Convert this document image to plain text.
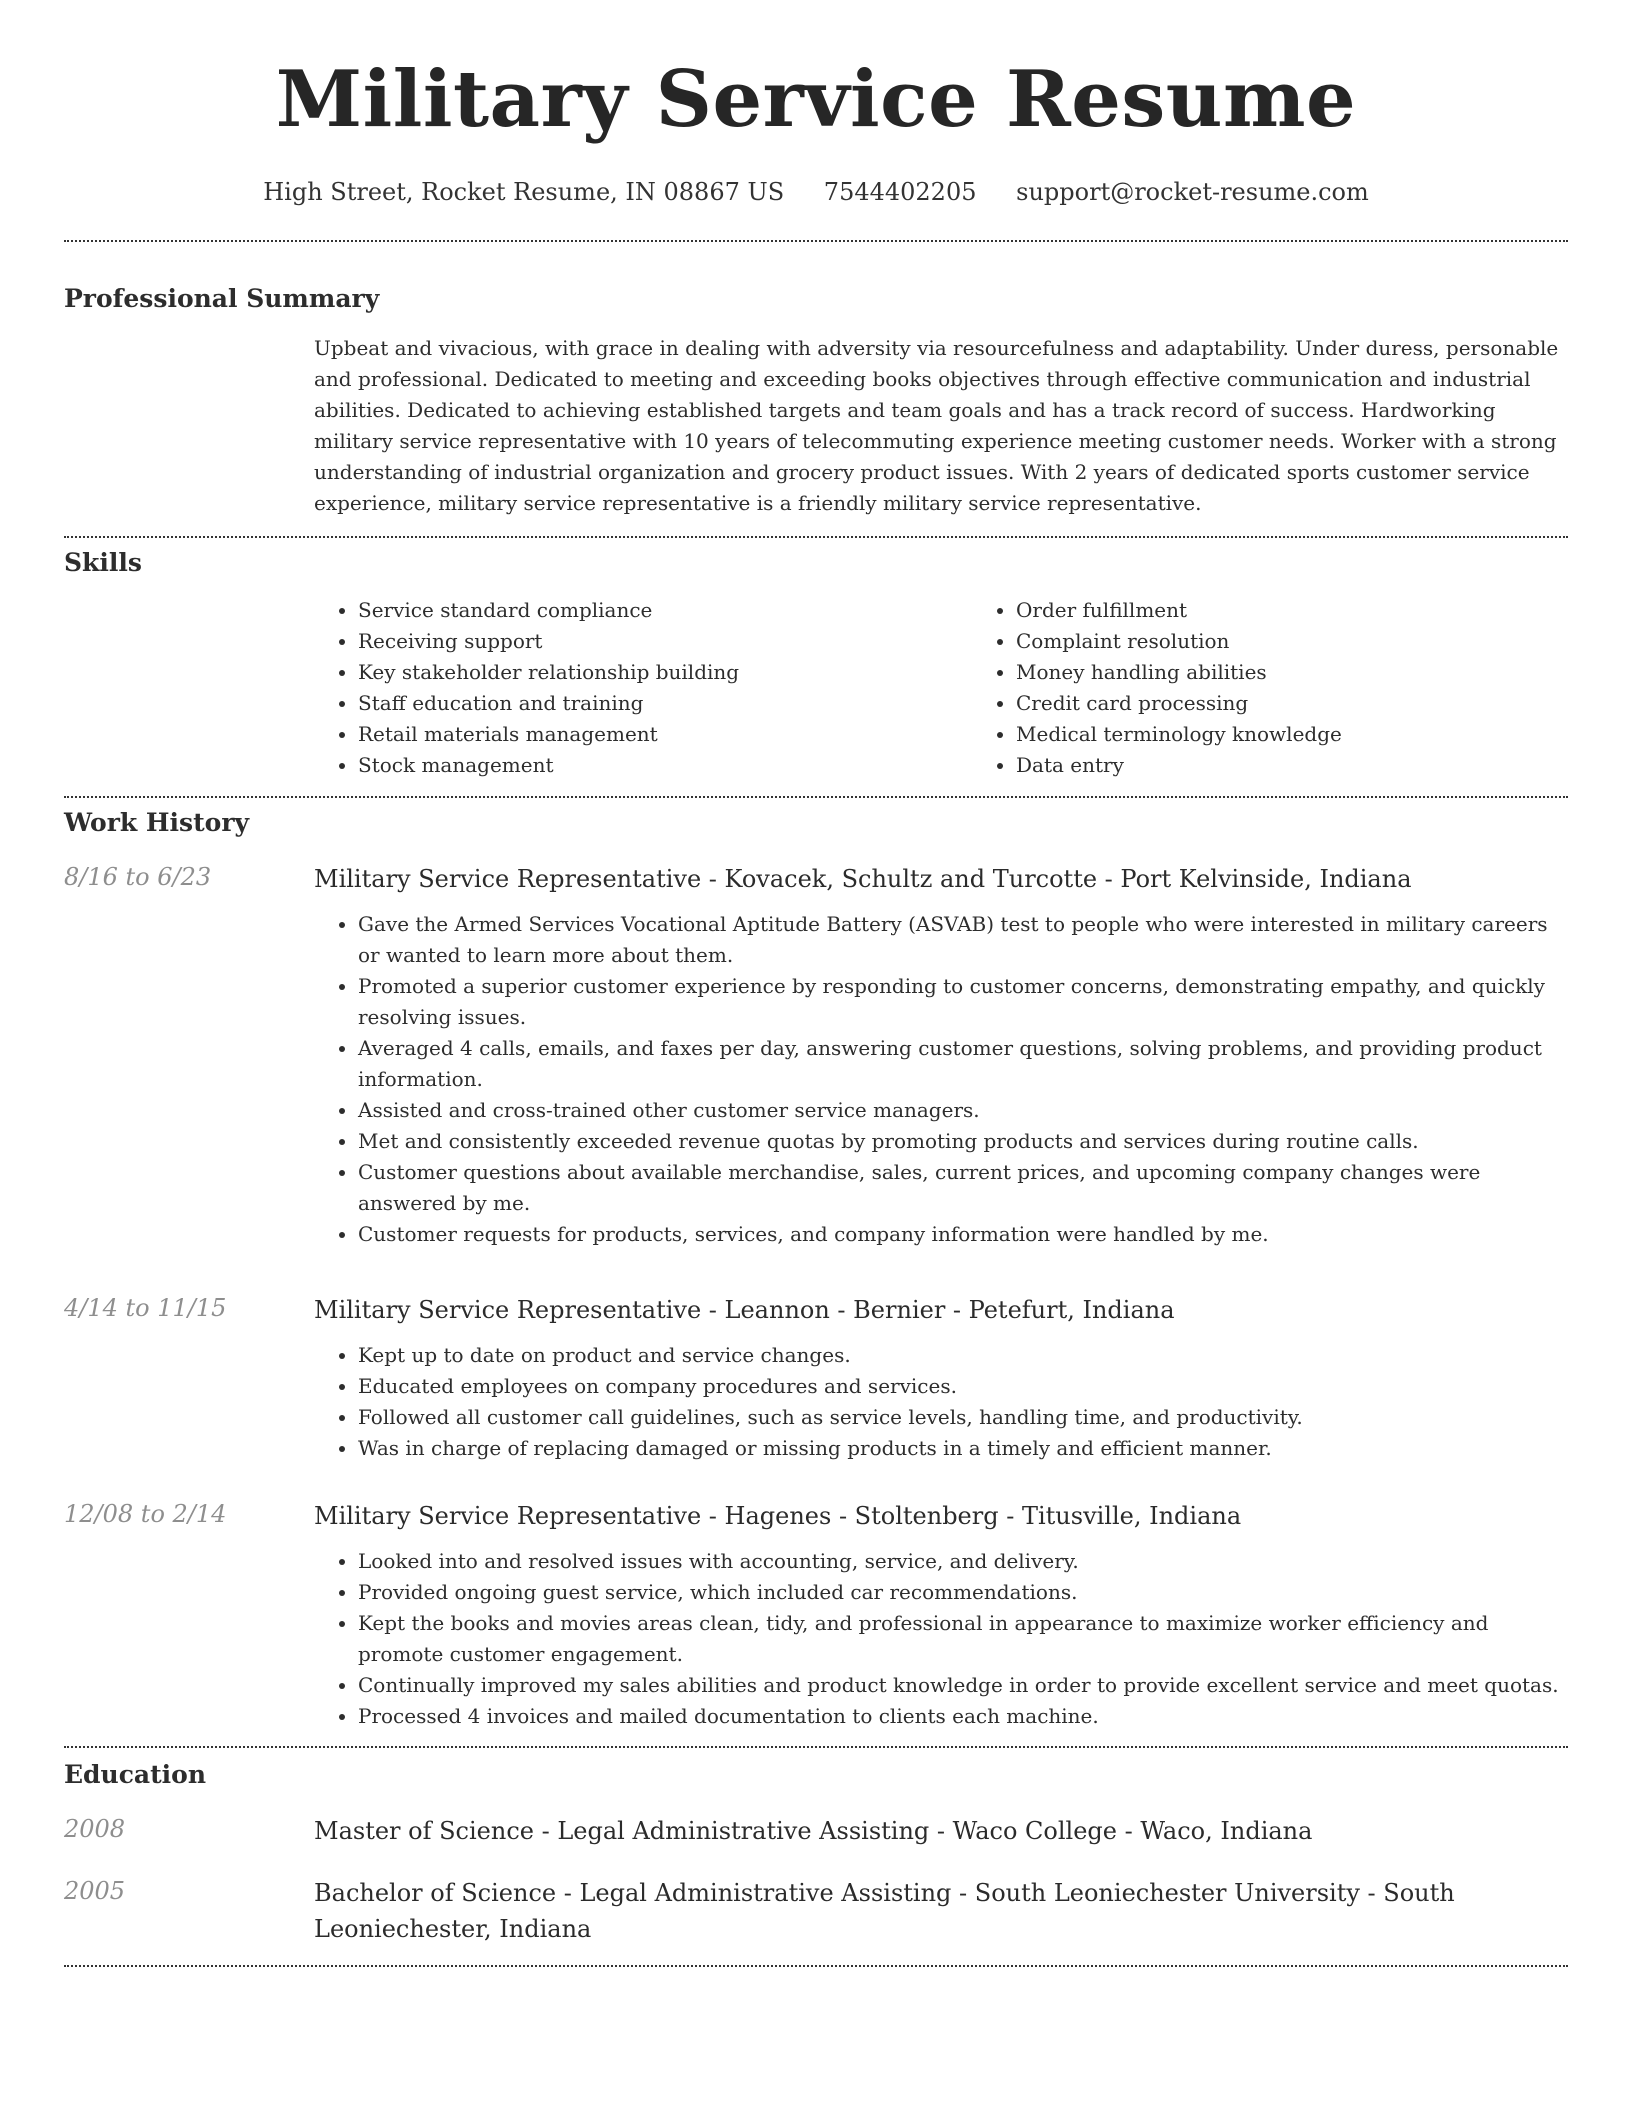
Military Service Resume
High Street, Rocket Resume, IN 08867 US 7544402205 support@rocket-resume.com
Professional Summary
Upbeat and vivacious, with grace in dealing with adversity via resourcefulness and adaptability. Under duress, personable and professional. Dedicated to meeting and exceeding books objectives through effective communication and industrial abilities. Dedicated to achieving established targets and team goals and has a track record of success. Hardworking military service representative with 10 years of telecommuting experience meeting customer needs. Worker with a strong understanding of industrial organization and grocery product issues. With 2 years of dedicated sports customer service experience, military service representative is a friendly military service representative.
Skills
• Service standard compliance
• Receiving support
• Key stakeholder relationship building
• Staff education and training
• Retail materials management
• Stock management
• Order fulfillment
• Complaint resolution
• Money handling abilities
• Credit card processing
• Medical terminology knowledge
• Data entry
Work History
8/16 to 6/23	Military Service Representative - Kovacek, Schultz and Turcotte - Port Kelvinside, Indiana
• Gave the Armed Services Vocational Aptitude Battery (ASVAB) test to people who were interested in military careers or wanted to learn more about them.
• Promoted a superior customer experience by responding to customer concerns, demonstrating empathy, and quickly resolving issues.
• Averaged 4 calls, emails, and faxes per day, answering customer questions, solving problems, and providing product information.
• Assisted and cross-trained other customer service managers.
• Met and consistently exceeded revenue quotas by promoting products and services during routine calls.
• Customer questions about available merchandise, sales, current prices, and upcoming company changes were answered by me.
• Customer requests for products, services, and company information were handled by me.
4/14 to 11/15	Military Service Representative - Leannon - Bernier - Petefurt, Indiana
• Kept up to date on product and service changes.
• Educated employees on company procedures and services.
• Followed all customer call guidelines, such as service levels, handling time, and productivity.
• Was in charge of replacing damaged or missing products in a timely and efficient manner.
12/08 to 2/14	Military Service Representative - Hagenes - Stoltenberg - Titusville, Indiana
• Looked into and resolved issues with accounting, service, and delivery.
• Provided ongoing guest service, which included car recommendations.
• Kept the books and movies areas clean, tidy, and professional in appearance to maximize worker efficiency and promote customer engagement.
• Continually improved my sales abilities and product knowledge in order to provide excellent service and meet quotas.
• Processed 4 invoices and mailed documentation to clients each machine.
Education
2008	Master of Science - Legal Administrative Assisting - Waco College - Waco, Indiana
2005	Bachelor of Science - Legal Administrative Assisting - South Leoniechester University - South Leoniechester, Indiana
